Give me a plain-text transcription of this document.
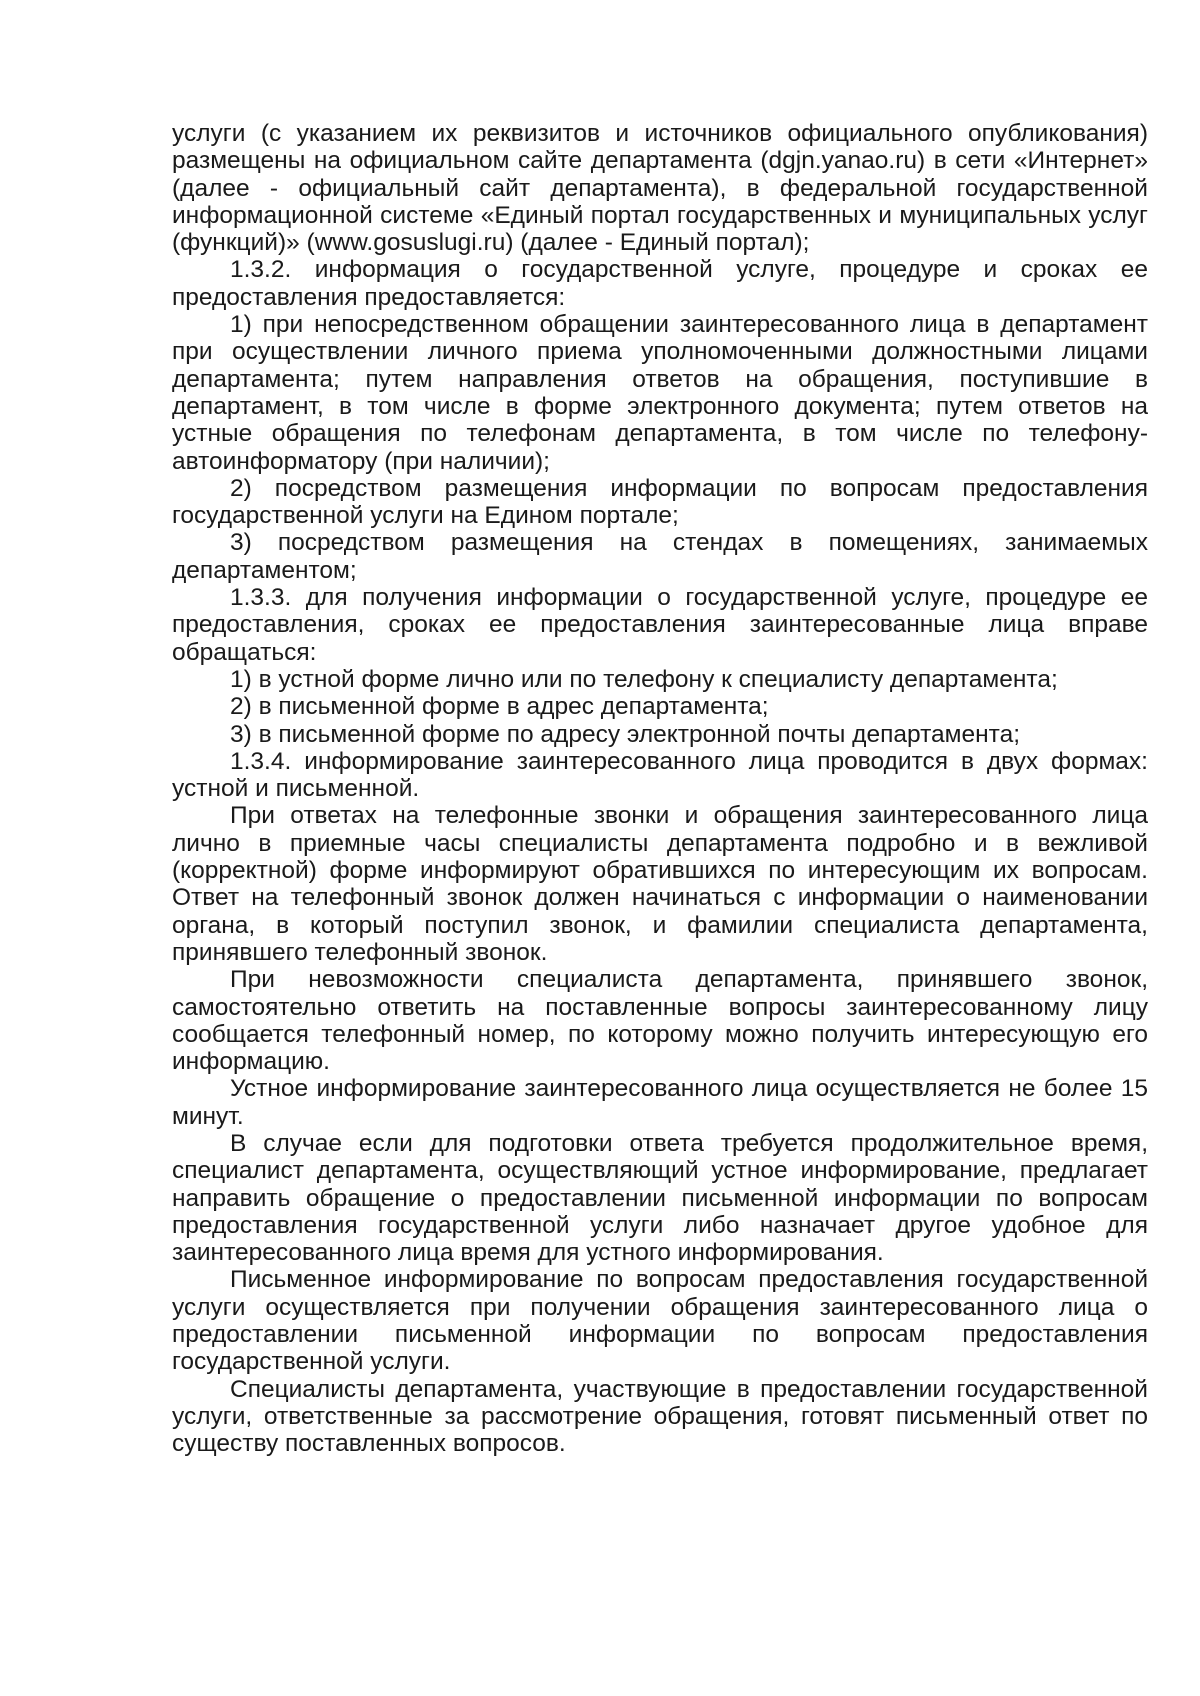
услуги (с указанием их реквизитов и источников официального опубликования) размещены на официальном сайте департамента (dgjn.yanao.ru) в сети «Интернет» (далее - официальный сайт департамента), в федеральной государственной информационной системе «Единый портал государственных и муниципальных услуг (функций)» (www.gosuslugi.ru) (далее - Единый портал);

1.3.2. информация о государственной услуге, процедуре и сроках ее предоставления предоставляется:

1) при непосредственном обращении заинтересованного лица в департамент при осуществлении личного приема уполномоченными должностными лицами департамента; путем направления ответов на обращения, поступившие в департамент, в том числе в форме электронного документа; путем ответов на устные обращения по телефонам департамента, в том числе по телефону-автоинформатору (при наличии);

2) посредством размещения информации по вопросам предоставления государственной услуги на Едином портале;

3) посредством размещения на стендах в помещениях, занимаемых департаментом;

1.3.3. для получения информации о государственной услуге, процедуре ее предоставления, сроках ее предоставления заинтересованные лица вправе обращаться:

1) в устной форме лично или по телефону к специалисту департамента;

2) в письменной форме в адрес департамента;

3) в письменной форме по адресу электронной почты департамента;

1.3.4. информирование заинтересованного лица проводится в двух формах: устной и письменной.

При ответах на телефонные звонки и обращения заинтересованного лица лично в приемные часы специалисты департамента подробно и в вежливой (корректной) форме информируют обратившихся по интересующим их вопросам. Ответ на телефонный звонок должен начинаться с информации о наименовании органа, в который поступил звонок, и фамилии специалиста департамента, принявшего телефонный звонок.

При невозможности специалиста департамента, принявшего звонок, самостоятельно ответить на поставленные вопросы заинтересованному лицу сообщается телефонный номер, по которому можно получить интересующую его информацию.

Устное информирование заинтересованного лица осуществляется не более 15 минут.

В случае если для подготовки ответа требуется продолжительное время, специалист департамента, осуществляющий устное информирование, предлагает направить обращение о предоставлении письменной информации по вопросам предоставления государственной услуги либо назначает другое удобное для заинтересованного лица время для устного информирования.

Письменное информирование по вопросам предоставления государственной услуги осуществляется при получении обращения заинтересованного лица о предоставлении письменной информации по вопросам предоставления государственной услуги.

Специалисты департамента, участвующие в предоставлении государственной услуги, ответственные за рассмотрение обращения, готовят письменный ответ по существу поставленных вопросов.
